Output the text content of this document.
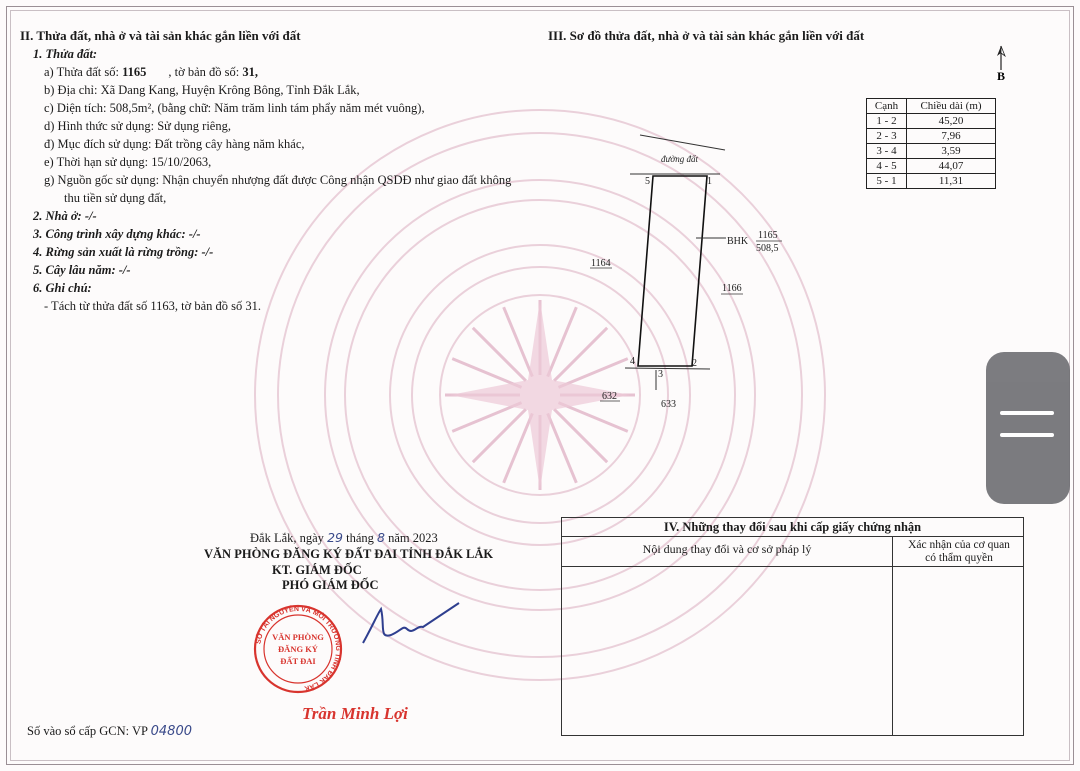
II. Thửa đất, nhà ở và tài sản khác gắn liền với đất
1. Thửa đất:
a) Thửa đất số: 1165 , tờ bản đồ số: 31,
b) Địa chỉ: Xã Dang Kang, Huyện Krông Bông, Tỉnh Đắk Lắk,
c) Diện tích: 508,5m², (bằng chữ: Năm trăm linh tám phẩy năm mét vuông),
d) Hình thức sử dụng: Sử dụng riêng,
đ) Mục đích sử dụng: Đất trồng cây hàng năm khác,
e) Thời hạn sử dụng: 15/10/2063,
g) Nguồn gốc sử dụng: Nhận chuyển nhượng đất được Công nhận QSDĐ như giao đất không
thu tiền sử dụng đất,
2. Nhà ở: -/-
3. Công trình xây dựng khác: -/-
4. Rừng sản xuất là rừng trồng: -/-
5. Cây lâu năm: -/-
6. Ghi chú:
- Tách từ thửa đất số 1163, tờ bản đồ số 31.
III. Sơ đồ thửa đất, nhà ở và tài sản khác gắn liền với đất
B
Cạnh	Chiều dài (m)
1 - 2	45,20
2 - 3	7,96
3 - 4	3,59
4 - 5	44,07
5 - 1	11,31
đường đất
5	1
2
3
4
BHK
1165
508,5
1164
1166
632
633
Đắk Lắk, ngày 29 tháng 8 năm 2023
VĂN PHÒNG ĐĂNG KÝ ĐẤT ĐAI TỈNH ĐẮK LẮK
KT. GIÁM ĐỐC
PHÓ GIÁM ĐỐC
SỞ TÀI NGUYÊN VÀ MÔI TRƯỜNG TỈNH ĐẮK LẮK
VĂN PHÒNG
ĐĂNG KÝ
ĐẤT ĐAI
Trần Minh Lợi
Số vào sổ cấp GCN: VP 04800
IV. Những thay đổi sau khi cấp giấy chứng nhận
Nội dung thay đổi và cơ sở pháp lý	Xác nhận của cơ quan
có thẩm quyền
